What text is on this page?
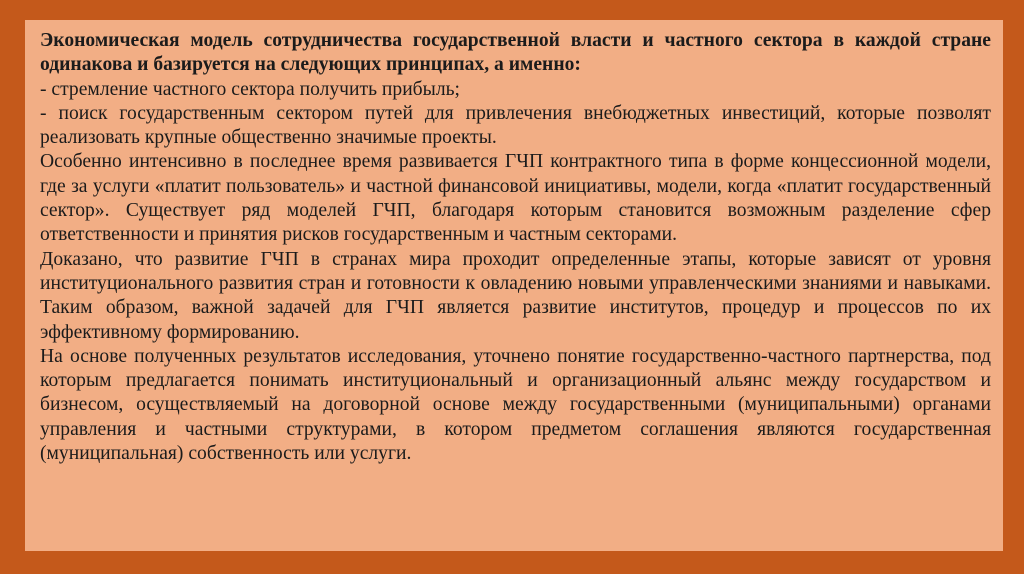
Экономическая модель сотрудничества государственной власти и частного сектора в каждой стране одинакова и базируется на следующих принципах, а именно:

- стремление частного сектора получить прибыль;

- поиск государственным сектором путей для привлечения внебюджетных инвестиций, которые позволят реализовать крупные общественно значимые проекты.

Особенно интенсивно в последнее время развивается ГЧП контрактного типа в форме концессионной модели, где за услуги «платит пользователь» и частной финансовой инициативы, модели, когда «платит государственный сектор». Существует ряд моделей ГЧП, благодаря которым становится возможным разделение сфер ответственности и принятия рисков государственным и частным секторами.

Доказано, что развитие ГЧП в странах мира проходит определенные этапы, которые зависят от уровня институционального развития стран и готовности к овладению новыми управленческими знаниями и навыками. Таким образом, важной задачей для ГЧП является развитие институтов, процедур и процессов по их эффективному формированию.

На основе полученных результатов исследования, уточнено понятие государственно-частного партнерства, под которым предлагается понимать институциональный и организационный альянс между государством и бизнесом, осуществляемый на договорной основе между государственными (муниципальными) органами управления и частными структурами, в котором предметом соглашения являются государственная (муниципальная) собственность или услуги.
